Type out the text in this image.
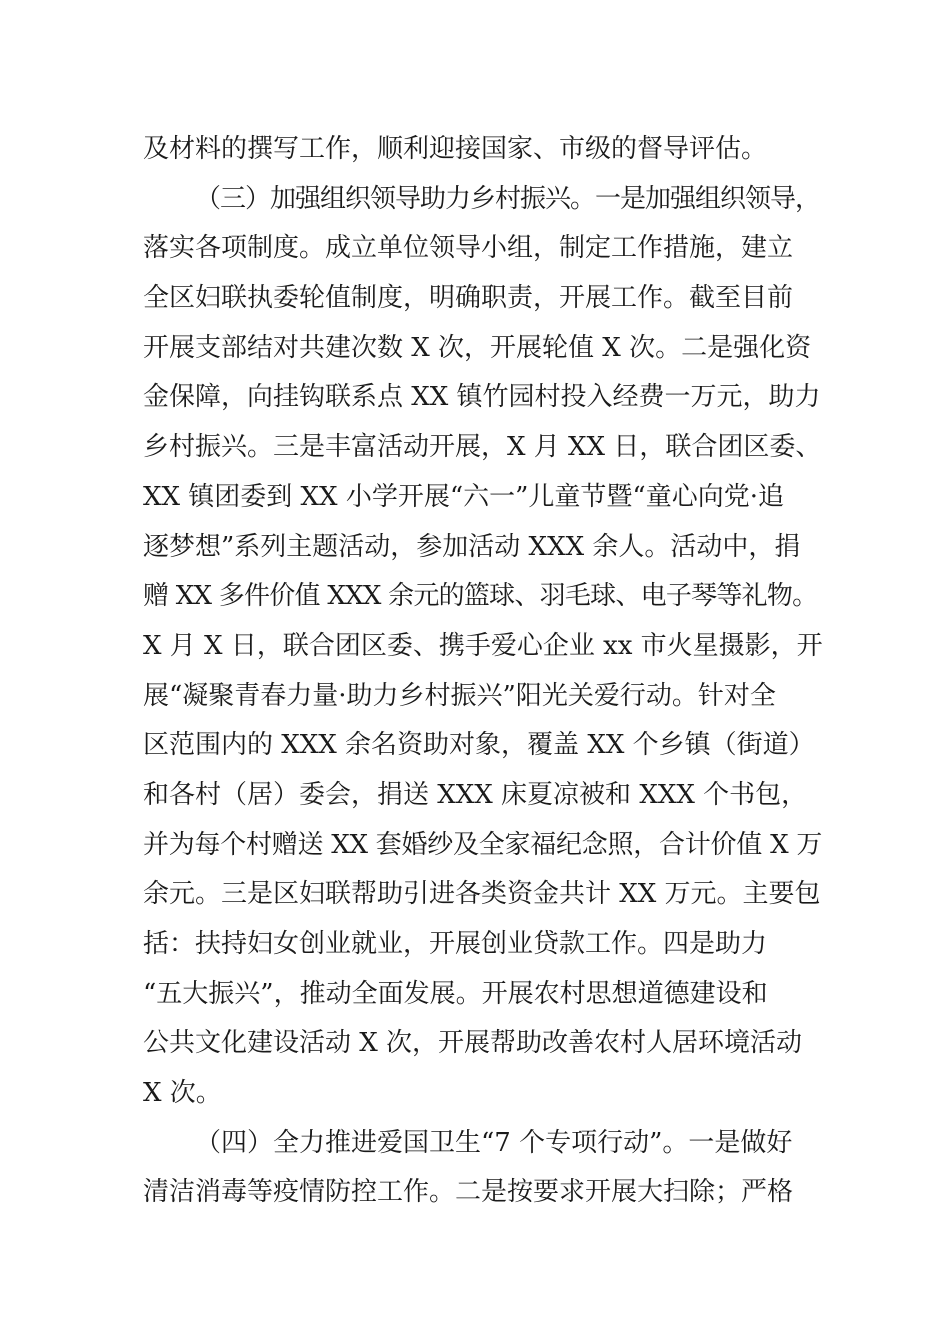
及材料的撰写工作，顺利迎接国家、市级的督导评估。
（三）加强组织领导助力乡村振兴。一是加强组织领导，
落实各项制度。成立单位领导小组，制定工作措施，建立
全区妇联执委轮值制度，明确职责，开展工作。截至目前
开展支部结对共建次数 X 次，开展轮值 X 次。二是强化资
金保障，向挂钩联系点 XX 镇竹园村投入经费一万元，助力
乡村振兴。三是丰富活动开展，X 月 XX 日，联合团区委、
XX 镇团委到 XX 小学开展“六一”儿童节暨“童心向党·追
逐梦想”系列主题活动，参加活动 XXX 余人。活动中，捐
赠 XX 多件价值 XXX 余元的篮球、羽毛球、电子琴等礼物。
X 月 X 日，联合团区委、携手爱心企业 xx 市火星摄影，开
展“凝聚青春力量·助力乡村振兴”阳光关爱行动。针对全
区范围内的 XXX 余名资助对象，覆盖 XX 个乡镇（街道）
和各村（居）委会，捐送 XXX 床夏凉被和 XXX 个书包，
并为每个村赠送 XX 套婚纱及全家福纪念照，合计价值 X 万
余元。三是区妇联帮助引进各类资金共计 XX 万元。主要包
括：扶持妇女创业就业，开展创业贷款工作。四是助力
“五大振兴”，推动全面发展。开展农村思想道德建设和
公共文化建设活动 X 次，开展帮助改善农村人居环境活动
X 次。
（四）全力推进爱国卫生“7 个专项行动”。一是做好
清洁消毒等疫情防控工作。二是按要求开展大扫除；严格
